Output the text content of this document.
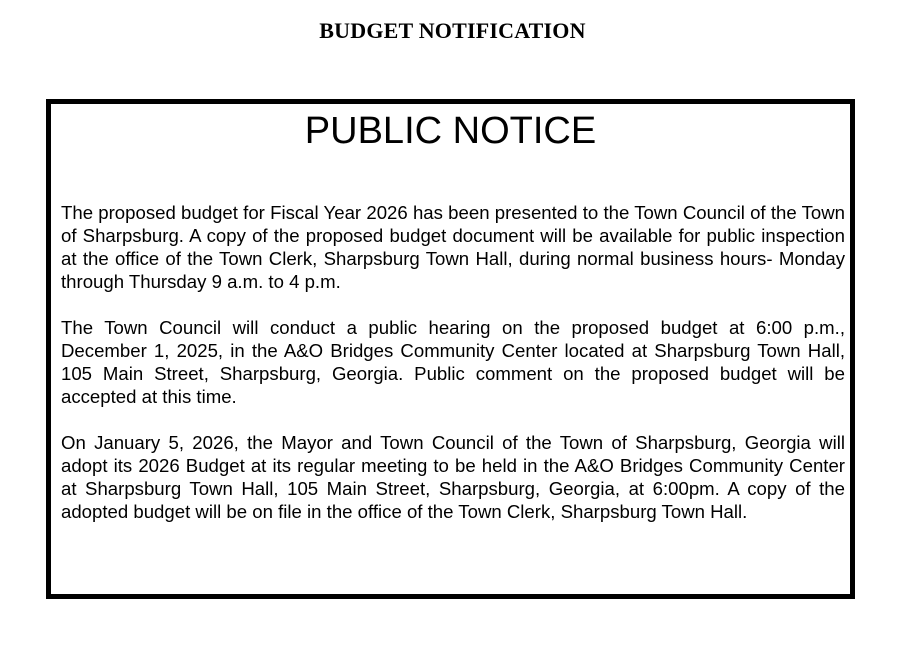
BUDGET NOTIFICATION
PUBLIC NOTICE

The proposed budget for Fiscal Year 2026 has been presented to the Town Council of the Town of Sharpsburg. A copy of the proposed budget document will be available for public inspection at the office of the Town Clerk, Sharpsburg Town Hall, during normal business hours- Monday through Thursday 9 a.m. to 4 p.m.

The Town Council will conduct a public hearing on the proposed budget at 6:00 p.m., December 1, 2025, in the A&O Bridges Community Center located at Sharpsburg Town Hall, 105 Main Street, Sharpsburg, Georgia. Public comment on the proposed budget will be accepted at this time.

On January 5, 2026, the Mayor and Town Council of the Town of Sharpsburg, Georgia will adopt its 2026 Budget at its regular meeting to be held in the A&O Bridges Community Center at Sharpsburg Town Hall, 105 Main Street, Sharpsburg, Georgia, at 6:00pm. A copy of the adopted budget will be on file in the office of the Town Clerk, Sharpsburg Town Hall.
